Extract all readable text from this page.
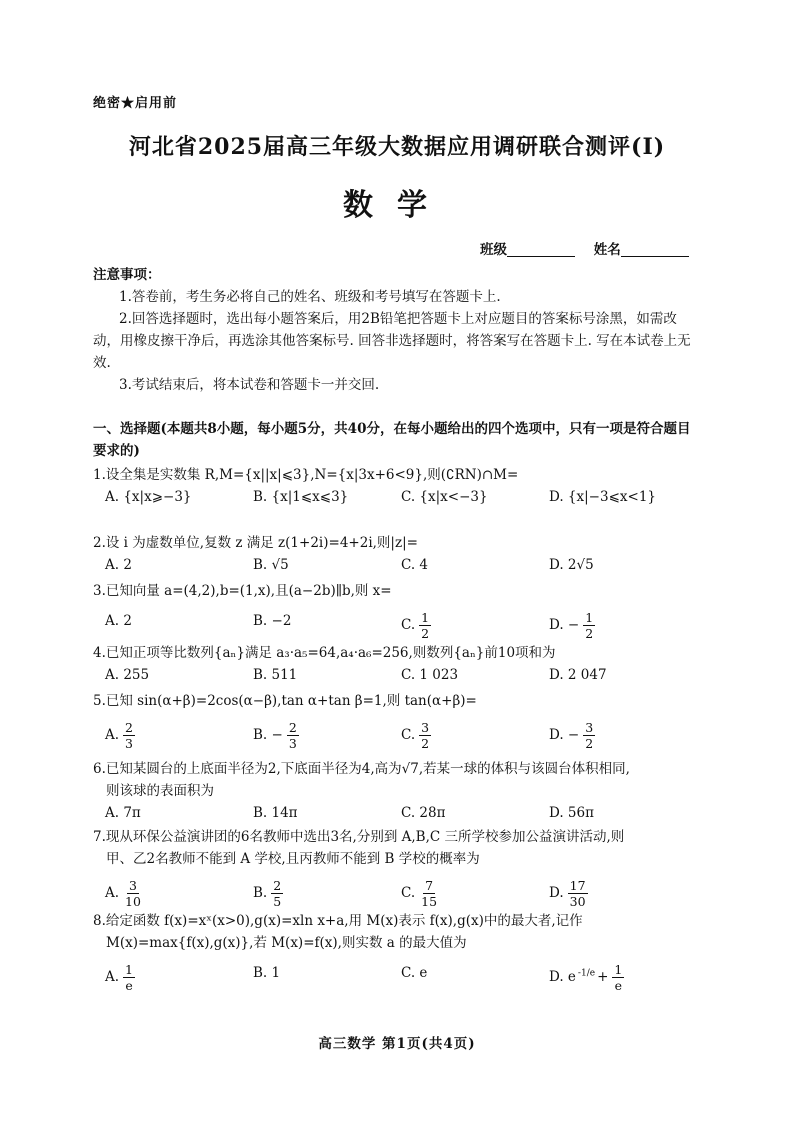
绝密★启用前
河北省2025届高三年级大数据应用调研联合测评(Ⅰ)
数学
班级	姓名
注意事项：
1.答卷前，考生务必将自己的姓名、班级和考号填写在答题卡上.
2.回答选择题时，选出每小题答案后，用2B铅笔把答题卡上对应题目的答案标号涂黑，如需改动，用橡皮擦干净后，再选涂其他答案标号. 回答非选择题时，将答案写在答题卡上. 写在本试卷上无效.
3.考试结束后，将本试卷和答题卡一并交回.
一、选择题(本题共8小题，每小题5分，共40分，在每小题给出的四个选项中，只有一项是符合题目要求的)
1.设全集是实数集 R,M={x||x|⩽3},N={x|3x+6<9},则(∁RN)∩M=
A. {x|x⩾−3}	B. {x|1⩽x⩽3}	C. {x|x<−3}	D. {x|−3⩽x<1}
2.设 i 为虚数单位,复数 z 满足 z(1+2i)=4+2i,则|z|=
A. 2	B. √5	C. 4	D. 2√5
3.已知向量 a=(4,2),b=(1,x),且(a−2b)∥b,则 x=
A. 2	B. −2	C. $\frac{1}{2}$	D. − $\frac{1}{2}$
4.已知正项等比数列{aₙ}满足 a₃·a₅=64,a₄·a₆=256,则数列{aₙ}前10项和为
A. 255	B. 511	C. 1 023	D. 2 047
5.已知 sin(α+β)=2cos(α−β),tan α+tan β=1,则 tan(α+β)=
A. $\frac{2}{3}$	B. − $\frac{2}{3}$	C. $\frac{3}{2}$	D. − $\frac{3}{2}$
6.已知某圆台的上底面半径为2,下底面半径为4,高为√7,若某一球的体积与该圆台体积相同,
则该球的表面积为
A. 7π	B. 14π	C. 28π	D. 56π
7.现从环保公益演讲团的6名教师中选出3名,分别到 A,B,C 三所学校参加公益演讲活动,则
甲、乙2名教师不能到 A 学校,且丙教师不能到 B 学校的概率为
A. $\frac{3}{10}$	B. $\frac{2}{5}$	C. $\frac{7}{15}$	D. $\frac{17}{30}$
8.给定函数 f(x)=xˣ(x>0),g(x)=xln x+a,用 M(x)表示 f(x),g(x)中的最大者,记作
M(x)=max{f(x),g(x)},若 M(x)=f(x),则实数 a 的最大值为
A. $\frac{1}{e}$	B. 1	C. e	D. e $^{-1/e} + \frac{1}{e}$
高三数学 第1页(共4页)
